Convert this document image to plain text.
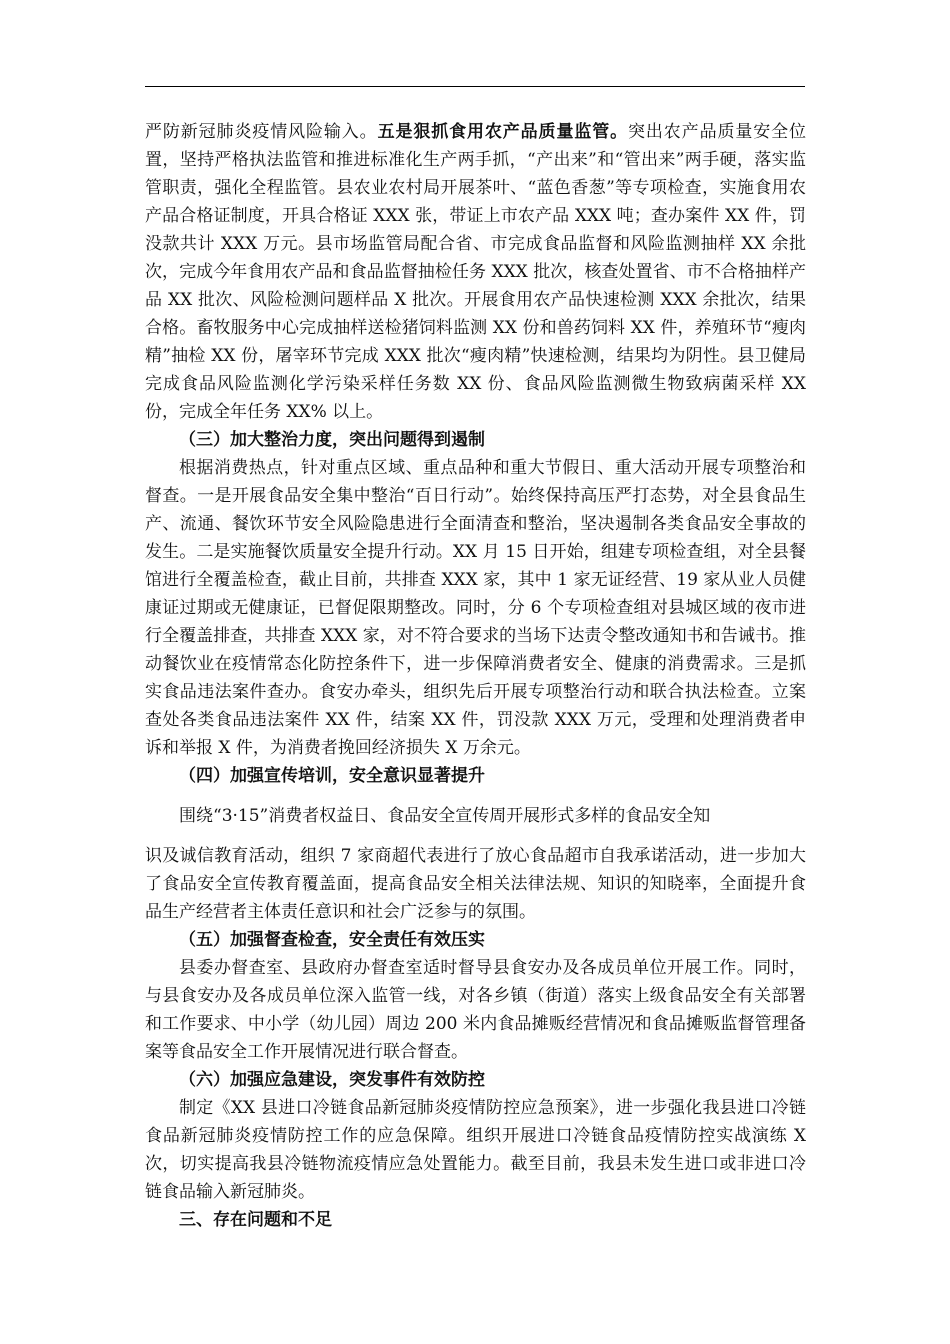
严防新冠肺炎疫情风险输入。五是狠抓食用农产品质量监管。突出农产品质量安全位置，坚持严格执法监管和推进标准化生产两手抓，“产出来”和“管出来”两手硬，落实监管职责，强化全程监管。县农业农村局开展茶叶、“蓝色香葱”等专项检查，实施食用农产品合格证制度，开具合格证 XXX 张，带证上市农产品 XXX 吨；查办案件 XX 件，罚没款共计 XXX 万元。县市场监管局配合省、市完成食品监督和风险监测抽样 XX 余批次，完成今年食用农产品和食品监督抽检任务 XXX 批次，核查处置省、市不合格抽样产品 XX 批次、风险检测问题样品 X 批次。开展食用农产品快速检测 XXX 余批次，结果合格。畜牧服务中心完成抽样送检猪饲料监测 XX 份和兽药饲料 XX 件，养殖环节“瘦肉精”抽检 XX 份，屠宰环节完成 XXX 批次“瘦肉精”快速检测，结果均为阴性。县卫健局完成食品风险监测化学污染采样任务数 XX 份、食品风险监测微生物致病菌采样 XX 份，完成全年任务 XX% 以上。

（三）加大整治力度，突出问题得到遏制

根据消费热点，针对重点区域、重点品种和重大节假日、重大活动开展专项整治和督查。一是开展食品安全集中整治“百日行动”。始终保持高压严打态势，对全县食品生产、流通、餐饮环节安全风险隐患进行全面清查和整治，坚决遏制各类食品安全事故的发生。二是实施餐饮质量安全提升行动。XX 月 15 日开始，组建专项检查组，对全县餐馆进行全覆盖检查，截止目前，共排查 XXX 家，其中 1 家无证经营、19 家从业人员健康证过期或无健康证，已督促限期整改。同时，分 6 个专项检查组对县城区域的夜市进行全覆盖排查，共排查 XXX 家，对不符合要求的当场下达责令整改通知书和告诫书。推动餐饮业在疫情常态化防控条件下，进一步保障消费者安全、健康的消费需求。三是抓实食品违法案件查办。食安办牵头，组织先后开展专项整治行动和联合执法检查。立案查处各类食品违法案件 XX 件，结案 XX 件，罚没款 XXX 万元，受理和处理消费者申诉和举报 X 件，为消费者挽回经济损失 X 万余元。

（四）加强宣传培训，安全意识显著提升

围绕“3·15”消费者权益日、食品安全宣传周开展形式多样的食品安全知

识及诚信教育活动，组织 7 家商超代表进行了放心食品超市自我承诺活动，进一步加大了食品安全宣传教育覆盖面，提高食品安全相关法律法规、知识的知晓率，全面提升食品生产经营者主体责任意识和社会广泛参与的氛围。

（五）加强督查检查，安全责任有效压实

县委办督查室、县政府办督查室适时督导县食安办及各成员单位开展工作。同时，与县食安办及各成员单位深入监管一线，对各乡镇（街道）落实上级食品安全有关部署和工作要求、中小学（幼儿园）周边 200 米内食品摊贩经营情况和食品摊贩监督管理备案等食品安全工作开展情况进行联合督查。

（六）加强应急建设，突发事件有效防控

制定《XX 县进口冷链食品新冠肺炎疫情防控应急预案》，进一步强化我县进口冷链食品新冠肺炎疫情防控工作的应急保障。组织开展进口冷链食品疫情防控实战演练 X 次，切实提高我县冷链物流疫情应急处置能力。截至目前，我县未发生进口或非进口冷链食品输入新冠肺炎。

三、存在问题和不足
